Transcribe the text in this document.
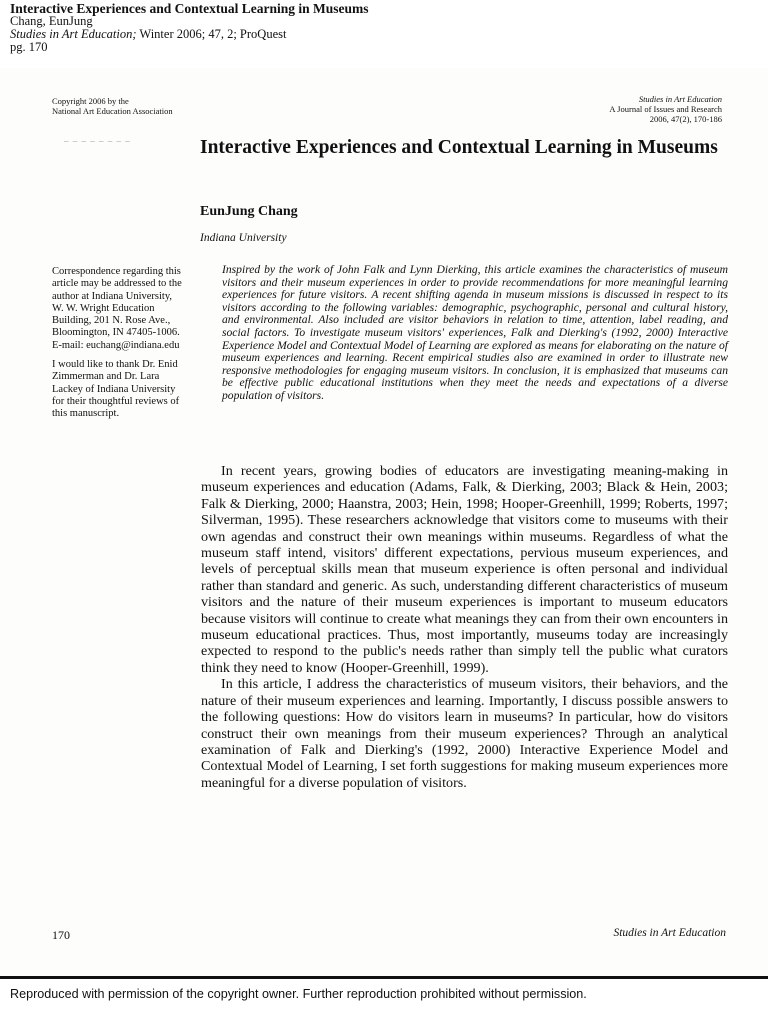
Interactive Experiences and Contextual Learning in Museums
Chang, EunJung
Studies in Art Education; Winter 2006; 47, 2; ProQuest
pg. 170
Copyright 2006 by the
National Art Education Association
Studies in Art Education
A Journal of Issues and Research
2006, 47(2), 170-186
– – – – – – – –	Interactive Experiences and Contextual Learning in Museums
EunJung Chang
Indiana University

Correspondence regarding this article may be addressed to the author at Indiana University, W. W. Wright Education Building, 201 N. Rose Ave., Bloomington, IN 47405-1006. E-mail: euchang@indiana.edu

I would like to thank Dr. Enid Zimmerman and Dr. Lara Lackey of Indiana University for their thoughtful reviews of this manuscript.

Inspired by the work of John Falk and Lynn Dierking, this article examines the characteristics of museum visitors and their museum experiences in order to provide recommendations for more meaningful learning experiences for future visitors. A recent shifting agenda in museum missions is discussed in respect to its visitors according to the following variables: demographic, psychographic, personal and cultural history, and environmental. Also included are visitor behaviors in relation to time, attention, label reading, and social factors. To investigate museum visitors' experiences, Falk and Dierking's (1992, 2000) Interactive Experience Model and Contextual Model of Learning are explored as means for elaborating on the nature of museum experiences and learning. Recent empirical studies also are examined in order to illustrate new responsive methodologies for engaging museum visitors. In conclusion, it is emphasized that museums can be effective public educational institutions when they meet the needs and expectations of a diverse population of visitors.

In recent years, growing bodies of educators are investigating meaning-making in museum experiences and education (Adams, Falk, & Dierking, 2003; Black & Hein, 2003; Falk & Dierking, 2000; Haanstra, 2003; Hein, 1998; Hooper-Greenhill, 1999; Roberts, 1997; Silverman, 1995). These researchers acknowledge that visitors come to museums with their own agendas and construct their own meanings within museums. Regardless of what the museum staff intend, visitors' different expectations, pervious museum experiences, and levels of perceptual skills mean that museum experience is often personal and individual rather than standard and generic. As such, understanding different characteristics of museum visitors and the nature of their museum experiences is important to museum educators because visitors will continue to create what meanings they can from their own encounters in museum educational practices. Thus, most importantly, museums today are increasingly expected to respond to the public's needs rather than simply tell the public what curators think they need to know (Hooper-Greenhill, 1999).

In this article, I address the characteristics of museum visitors, their behaviors, and the nature of their museum experiences and learning. Importantly, I discuss possible answers to the following questions: How do visitors learn in museums? In particular, how do visitors construct their own meanings from their museum experiences? Through an analytical examination of Falk and Dierking's (1992, 2000) Interactive Experience Model and Contextual Model of Learning, I set forth suggestions for making museum experiences more meaningful for a diverse population of visitors.

170	Studies in Art Education
Reproduced with permission of the copyright owner. Further reproduction prohibited without permission.
